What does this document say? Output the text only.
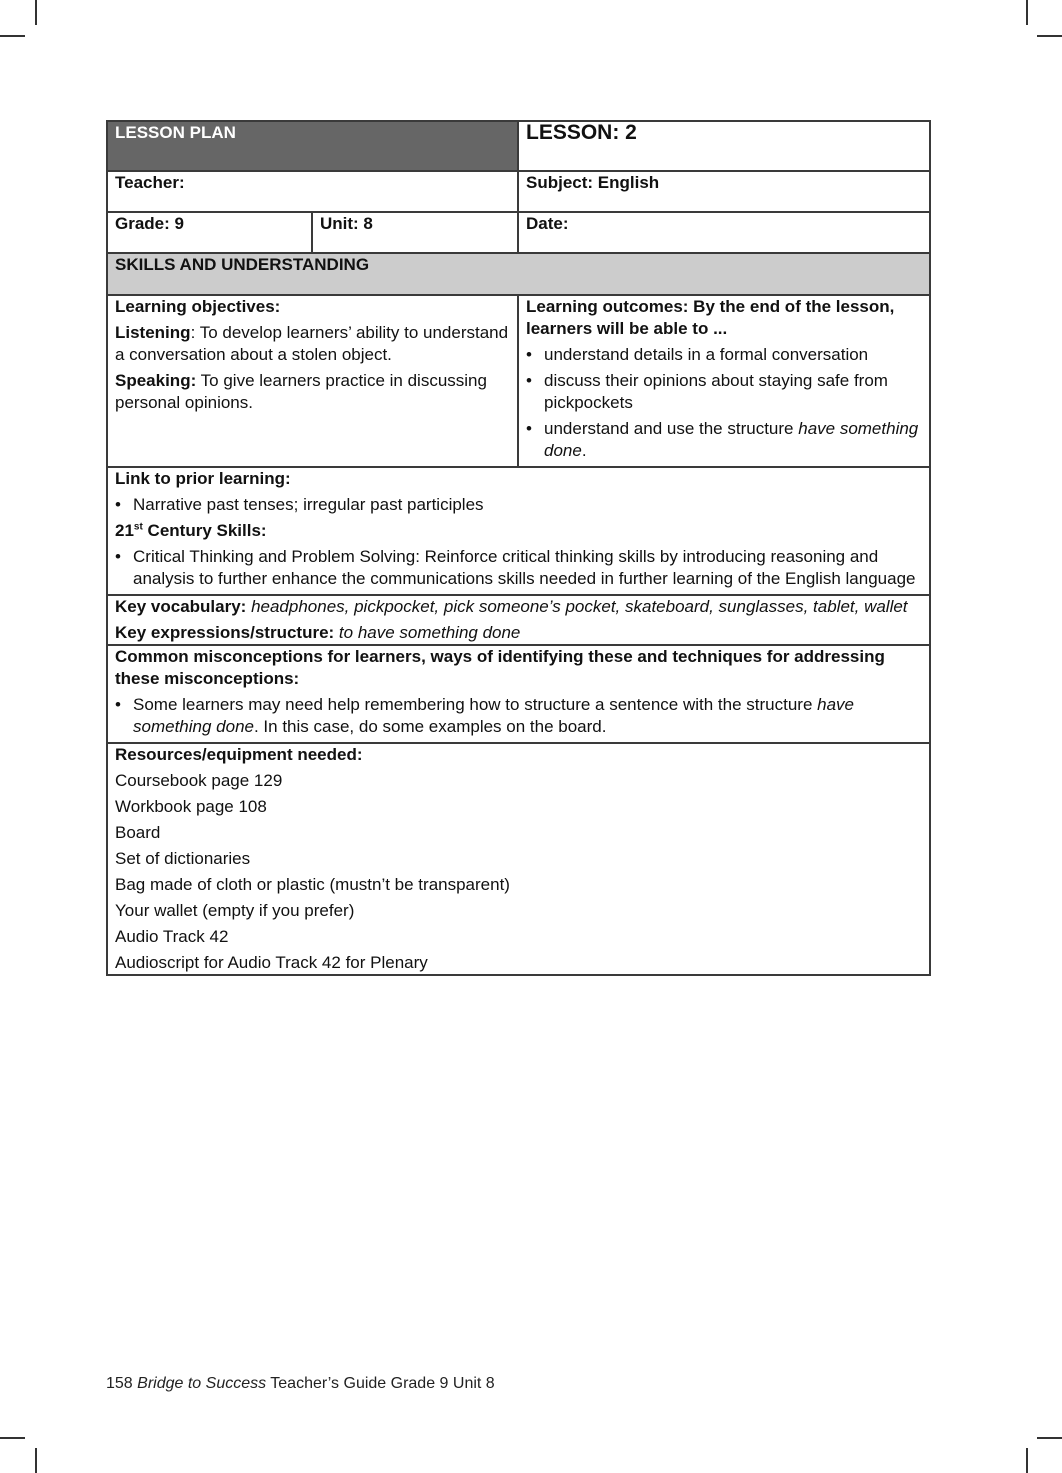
LESSON PLAN		LESSON: 2
Teacher:		Subject: English
Grade: 9	Unit: 8	Date:
SKILLS AND UNDERSTANDING		

Learning objectives:
Listening: To develop learners’ ability to understand a conversation about a stolen object.
Speaking: To give learners practice in discussing personal opinions.

Learning outcomes: By the end of the lesson, learners will be able to ...
• understand details in a formal conversation
• discuss their opinions about staying safe from pickpockets
• understand and use the structure have something done.

Link to prior learning:
• Narrative past tenses; irregular past participles
21st Century Skills:
• Critical Thinking and Problem Solving: Reinforce critical thinking skills by introducing reasoning and analysis to further enhance the communications skills needed in further learning of the English language

Key vocabulary: headphones, pickpocket, pick someone’s pocket, skateboard, sunglasses, tablet, wallet
Key expressions/structure: to have something done		

Common misconceptions for learners, ways of identifying these and techniques for addressing these misconceptions:
• Some learners may need help remembering how to structure a sentence with the structure have something done. In this case, do some examples on the board.

Resources/equipment needed:
Coursebook page 129
Workbook page 108
Board
Set of dictionaries
Bag made of cloth or plastic (mustn’t be transparent)
Your wallet (empty if you prefer)
Audio Track 42
Audioscript for Audio Track 42 for Plenary
158 Bridge to Success Teacher’s Guide Grade 9 Unit 8
